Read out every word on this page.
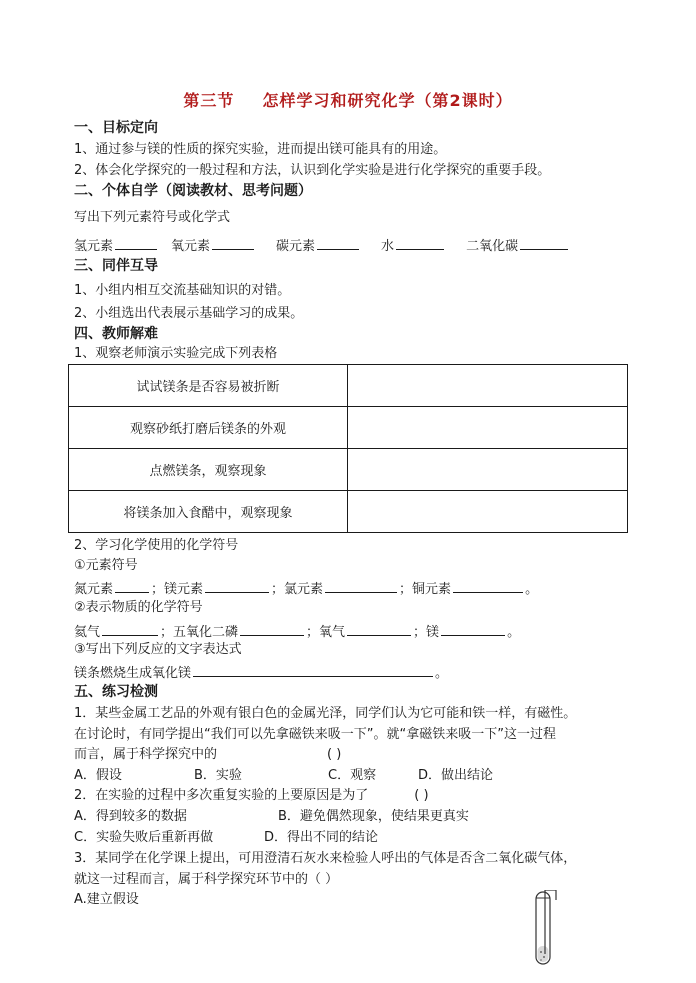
第三节 怎样学习和研究化学（第2课时）
一、目标定向
1、通过参与镁的性质的探究实验，进而提出镁可能具有的用途。
2、体会化学探究的一般过程和方法，认识到化学实验是进行化学探究的重要手段。
二、个体自学（阅读教材、思考问题）
写出下列元素符号或化学式
氢元素	氧元素	碳元素	水	二氧化碳
三、同伴互导
1、小组内相互交流基础知识的对错。
2、小组选出代表展示基础学习的成果。
四、教师解难
1、观察老师演示实验完成下列表格
试试镁条是否容易被折断	
观察砂纸打磨后镁条的外观	
点燃镁条，观察现象	
将镁条加入食醋中，观察现象	
2、学习化学使用的化学符号
①元素符号
氮元素	；镁元素	；氯元素	；铜元素	。
②表示物质的化学符号
氦气	；五氧化二磷	；氧气	；镁	。
③写出下列反应的文字表达式
镁条燃烧生成氧化镁	。
五、练习检测
1．某些金属工艺品的外观有银白色的金属光泽，同学们认为它可能和铁一样，有磁性。
在讨论时，有同学提出“我们可以先拿磁铁来吸一下”。就“拿磁铁来吸一下”这一过程
而言，属于科学探究中的	( )
A．假设	B．实验	C．观察	D．做出结论
2．在实验的过程中多次重复实验的上要原因是为了	( )
A．得到较多的数据	B．避免偶然现象，使结果更真实
C．实验失败后重新再做	D．得出不同的结论
3．某同学在化学课上提出，可用澄清石灰水来检验人呼出的气体是否含二氧化碳气体，
就这一过程而言，属于科学探究环节中的（ ）
A.建立假设
